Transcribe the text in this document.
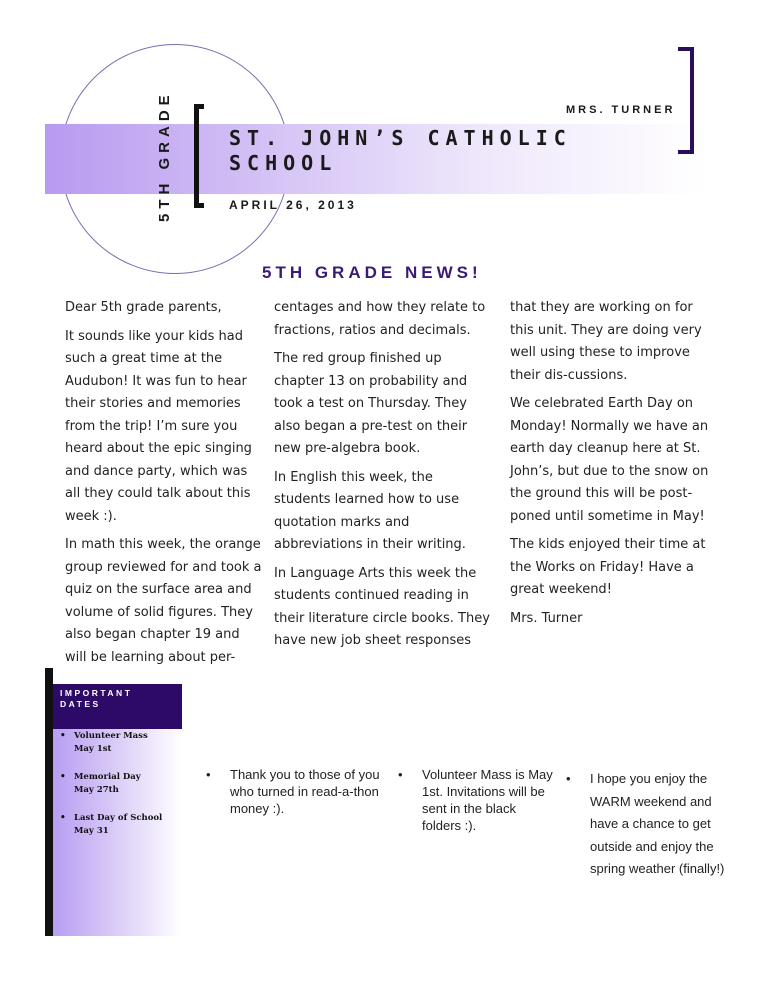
5TH GRADE	MRS. TURNER
ST. JOHN’S CATHOLIC
SCHOOL
APRIL 26, 2013
5TH GRADE NEWS!

Dear 5th grade parents,

It sounds like your kids had such a great time at the Audubon! It was fun to hear their stories and memories from the trip! I’m sure you heard about the epic singing and dance party, which was all they could talk about this week :).

In math this week, the orange group reviewed for and took a quiz on the surface area and volume of solid figures. They also began chapter 19 and will be learning about per-

centages and how they relate to fractions, ratios and decimals.

The red group finished up chapter 13 on probability and took a test on Thursday. They also began a pre-test on their new pre-algebra book.

In English this week, the students learned how to use quotation marks and abbreviations in their writing.

In Language Arts this week the students continued reading in their literature circle books. They have new job sheet responses

that they are working on for this unit. They are doing very well using these to improve their dis-cussions.

We celebrated Earth Day on Monday! Normally we have an earth day cleanup here at St. John’s, but due to the snow on the ground this will be post-poned until sometime in May!

The kids enjoyed their time at the Works on Friday! Have a great weekend!

Mrs. Turner

IMPORTANT
DATES
• Volunteer Mass
May 1st
• Memorial Day
May 27th
• Last Day of School
May 31
• Thank you to those of you who turned in read-a-thon money :).
• Volunteer Mass is May 1st. Invitations will be sent in the black folders :).
• I hope you enjoy the WARM weekend and have a chance to get outside and enjoy the spring weather (finally!)
